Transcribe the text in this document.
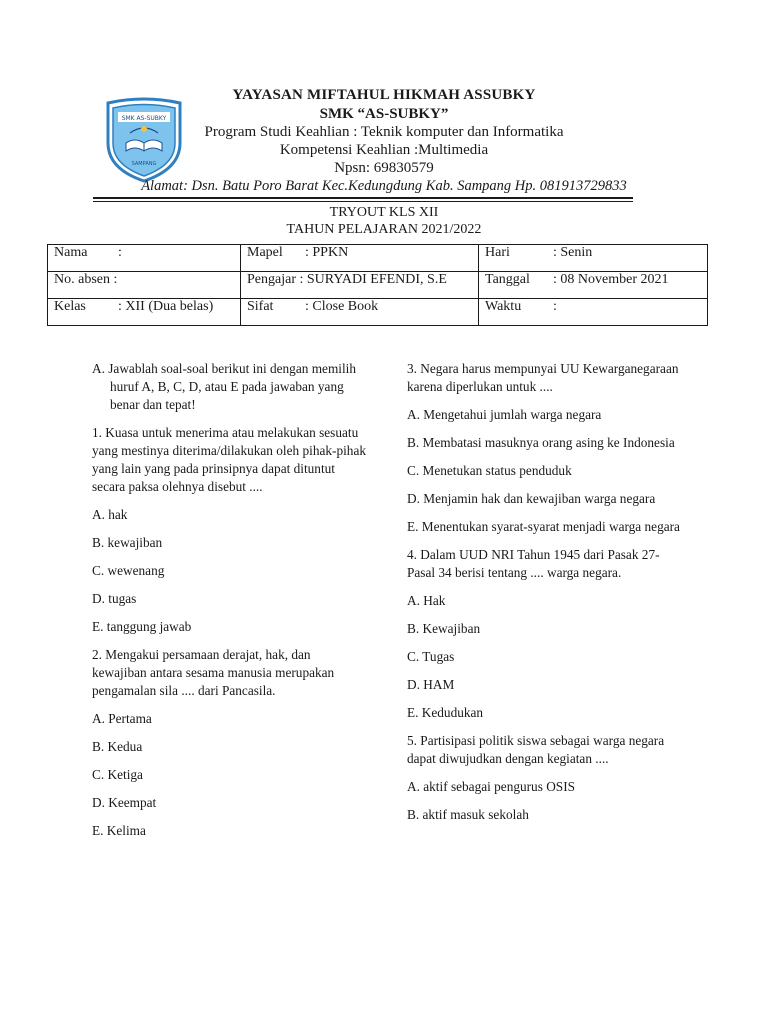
SMK AS-SUBKY
SAMPANG
YAYASAN MIFTAHUL HIKMAH ASSUBKY
SMK “AS-SUBKY”
Program Studi Keahlian : Teknik komputer dan Informatika
Kompetensi Keahlian :Multimedia
Npsn: 69830579
Alamat: Dsn. Batu Poro Barat Kec.Kedungdung Kab. Sampang Hp. 081913729833
TRYOUT KLS XII
TAHUN PELAJARAN 2021/2022
Nama :	Mapel : PPKN	Hari : Senin
No. absen :	Pengajar : SURYADI EFENDI, S.E	Tanggal : 08 November 2021
Kelas : XII (Dua belas)	Sifat : Close Book	Waktu :

A. Jawablah soal-soal berikut ini dengan memilih huruf A, B, C, D, atau E pada jawaban yang benar dan tepat!

1. Kuasa untuk menerima atau melakukan sesuatu yang mestinya diterima/dilakukan oleh pihak-pihak yang lain yang pada prinsipnya dapat dituntut secara paksa olehnya disebut ....

A. hak

B. kewajiban

C. wewenang

D. tugas

E. tanggung jawab

2. Mengakui persamaan derajat, hak, dan kewajiban antara sesama manusia merupakan pengamalan sila .... dari Pancasila.

A. Pertama

B. Kedua

C. Ketiga

D. Keempat

E. Kelima

3. Negara harus mempunyai UU Kewarganegaraan karena diperlukan untuk ....

A. Mengetahui jumlah warga negara

B. Membatasi masuknya orang asing ke Indonesia

C. Menetukan status penduduk

D. Menjamin hak dan kewajiban warga negara

E. Menentukan syarat-syarat menjadi warga negara

4. Dalam UUD NRI Tahun 1945 dari Pasak 27-Pasal 34 berisi tentang .... warga negara.

A. Hak

B. Kewajiban

C. Tugas

D. HAM

E. Kedudukan

5. Partisipasi politik siswa sebagai warga negara dapat diwujudkan dengan kegiatan ....

A. aktif sebagai pengurus OSIS

B. aktif masuk sekolah
